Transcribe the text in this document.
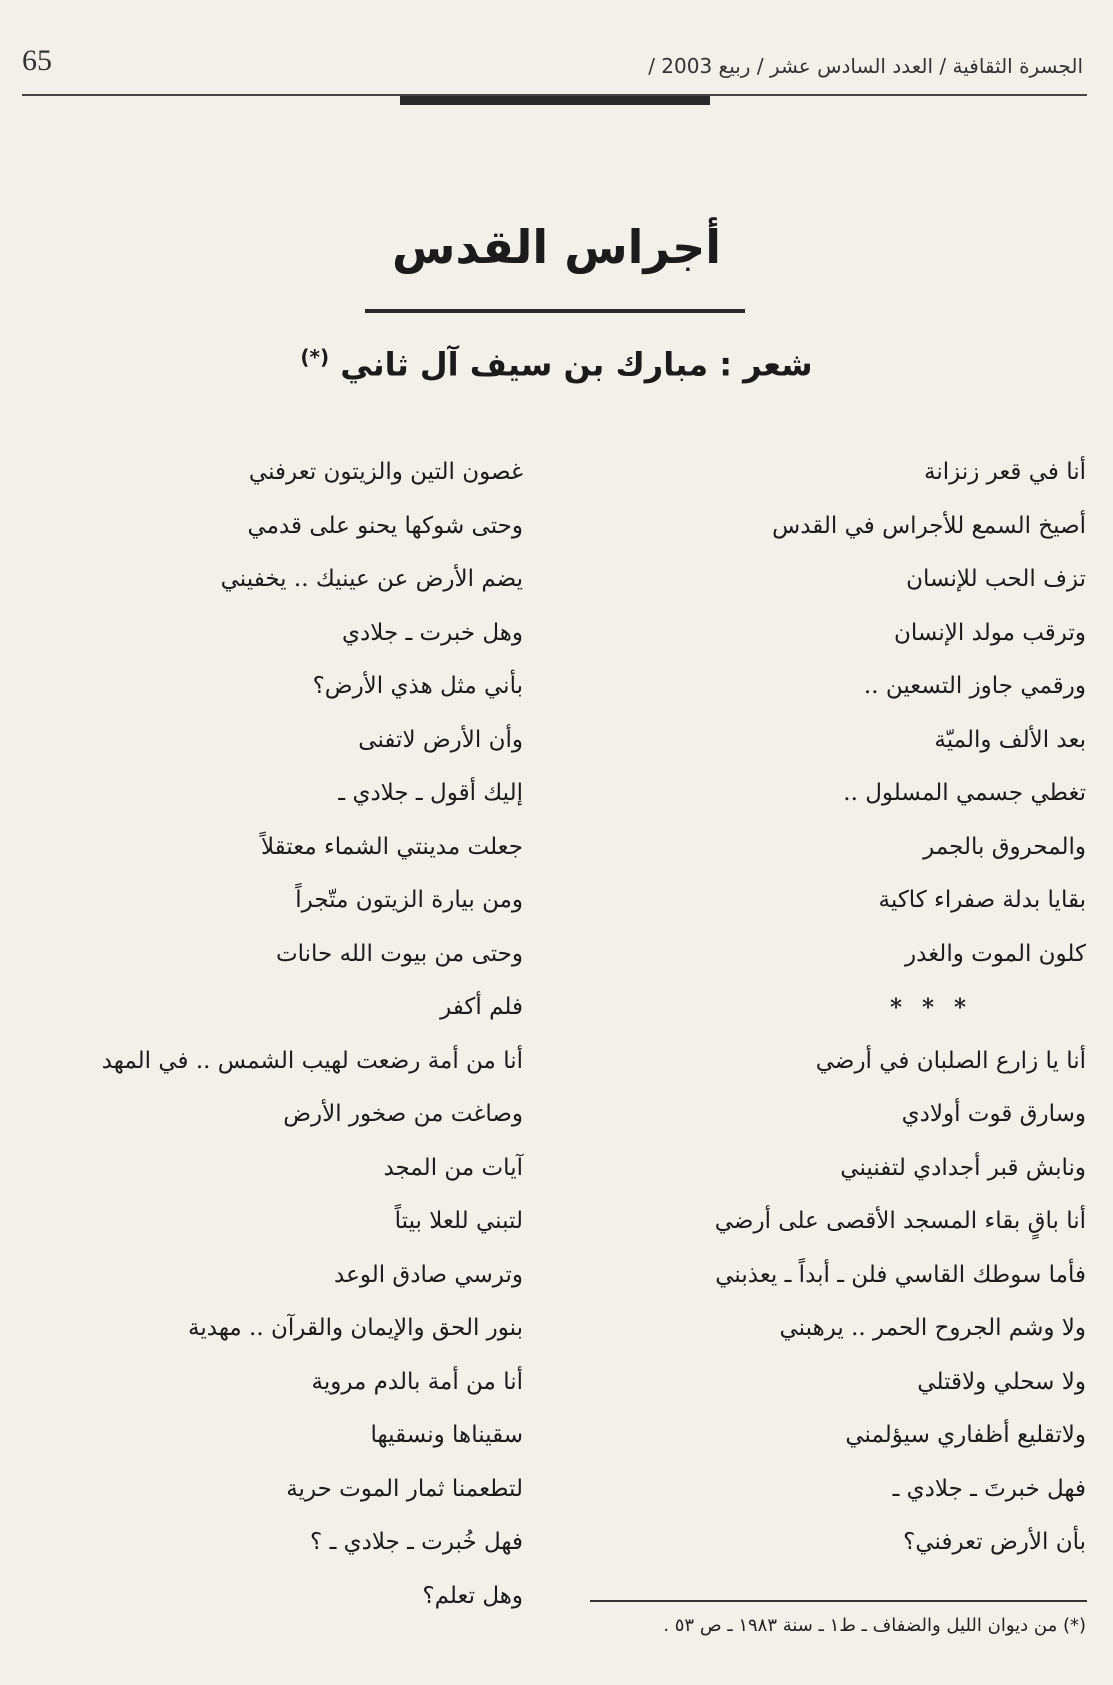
الجسرة الثقافية / العدد السادس عشر / ربيع 2003 /
65
أجراس القدس
شعر : مبارك بن سيف آل ثاني (*)
أنا في قعر زنزانة
أصيخ السمع للأجراس في القدس
تزف الحب للإنسان
وترقب مولد الإنسان
ورقمي جاوز التسعين ..
بعد الألف والميّة
تغطي جسمي المسلول ..
والمحروق بالجمر
بقايا بدلة صفراء كاكية
كلون الموت والغدر
* * *
أنا يا زارع الصلبان في أرضي
وسارق قوت أولادي
ونابش قبر أجدادي لتفنيني
أنا باقٍ بقاء المسجد الأقصى على أرضي
فأما سوطك القاسي فلن ـ أبداً ـ يعذبني
ولا وشم الجروح الحمر .. يرهبني
ولا سحلي ولاقتلي
ولاتقليع أظفاري سيؤلمني
فهل خبرتَ ـ جلادي ـ
بأن الأرض تعرفني؟
غصون التين والزيتون تعرفني
وحتى شوكها يحنو على قدمي
يضم الأرض عن عينيك .. يخفيني
وهل خبرت ـ جلادي
بأني مثل هذي الأرض؟
وأن الأرض لاتفنى
إليك أقول ـ جلادي ـ
جعلت مدينتي الشماء معتقلاً
ومن بيارة الزيتون متّجراً
وحتى من بيوت الله حانات
فلم أكفر
أنا من أمة رضعت لهيب الشمس .. في المهد
وصاغت من صخور الأرض
آيات من المجد
لتبني للعلا بيتاً
وترسي صادق الوعد
بنور الحق والإيمان والقرآن .. مهدية
أنا من أمة بالدم مروية
سقيناها ونسقيها
لتطعمنا ثمار الموت حرية
فهل خُبرت ـ جلادي ـ ؟
وهل تعلم؟
(*) من ديوان الليل والضفاف ـ ط١ ـ سنة ١٩٨٣ ـ ص ٥٣ .
